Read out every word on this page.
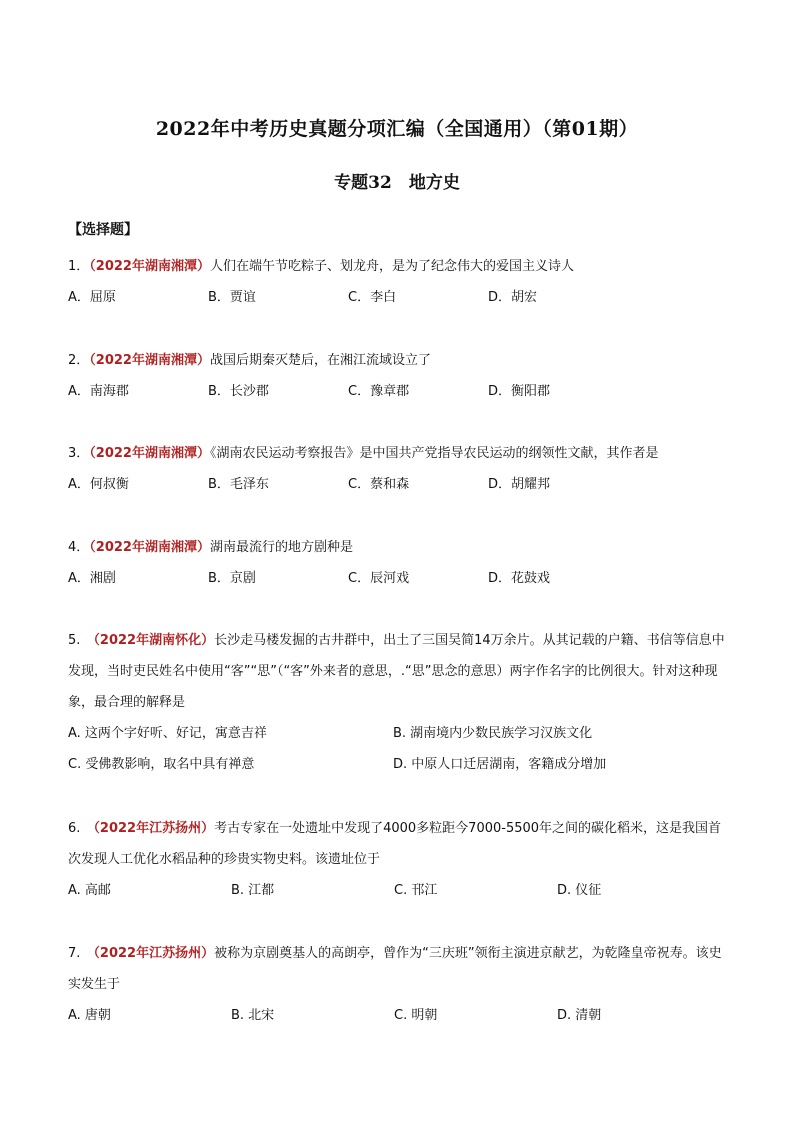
2022年中考历史真题分项汇编（全国通用）（第01期）
专题32　地方史
【选择题】
1．（2022年湖南湘潭）人们在端午节吃粽子、划龙舟，是为了纪念伟大的爱国主义诗人
A．屈原	B．贾谊	C．李白	D．胡宏
2．（2022年湖南湘潭）战国后期秦灭楚后，在湘江流域设立了
A．南海郡	B．长沙郡	C．豫章郡	D．衡阳郡
3．（2022年湖南湘潭）《湖南农民运动考察报告》是中国共产党指导农民运动的纲领性文献，其作者是
A．何叔衡	B．毛泽东	C．蔡和森	D．胡耀邦
4．（2022年湖南湘潭）湖南最流行的地方剧种是
A．湘剧	B．京剧	C．辰河戏	D．花鼓戏
5.　（2022年湖南怀化）长沙走马楼发掘的古井群中，出土了三国吴简14万余片。从其记载的户籍、书信等信息中发现，当时吏民姓名中使用“客”“思”（“客”外来者的意思，.“思”思念的意思）两字作名字的比例很大。针对这种现象，最合理的解释是
A. 这两个字好听、好记，寓意吉祥	B. 湖南境内少数民族学习汉族文化
C. 受佛教影响，取名中具有禅意	D. 中原人口迁居湖南，客籍成分增加
6.　（2022年江苏扬州）考古专家在一处遗址中发现了4000多粒距今7000-5500年之间的碳化稻米，这是我国首次发现人工优化水稻品种的珍贵实物史料。该遗址位于
A. 高邮	B. 江都	C. 邗江	D. 仪征
7.　（2022年江苏扬州）被称为京剧奠基人的高朗亭，曾作为“三庆班”领衔主演进京献艺，为乾隆皇帝祝寿。该史实发生于
A. 唐朝	B. 北宋	C. 明朝	D. 清朝
